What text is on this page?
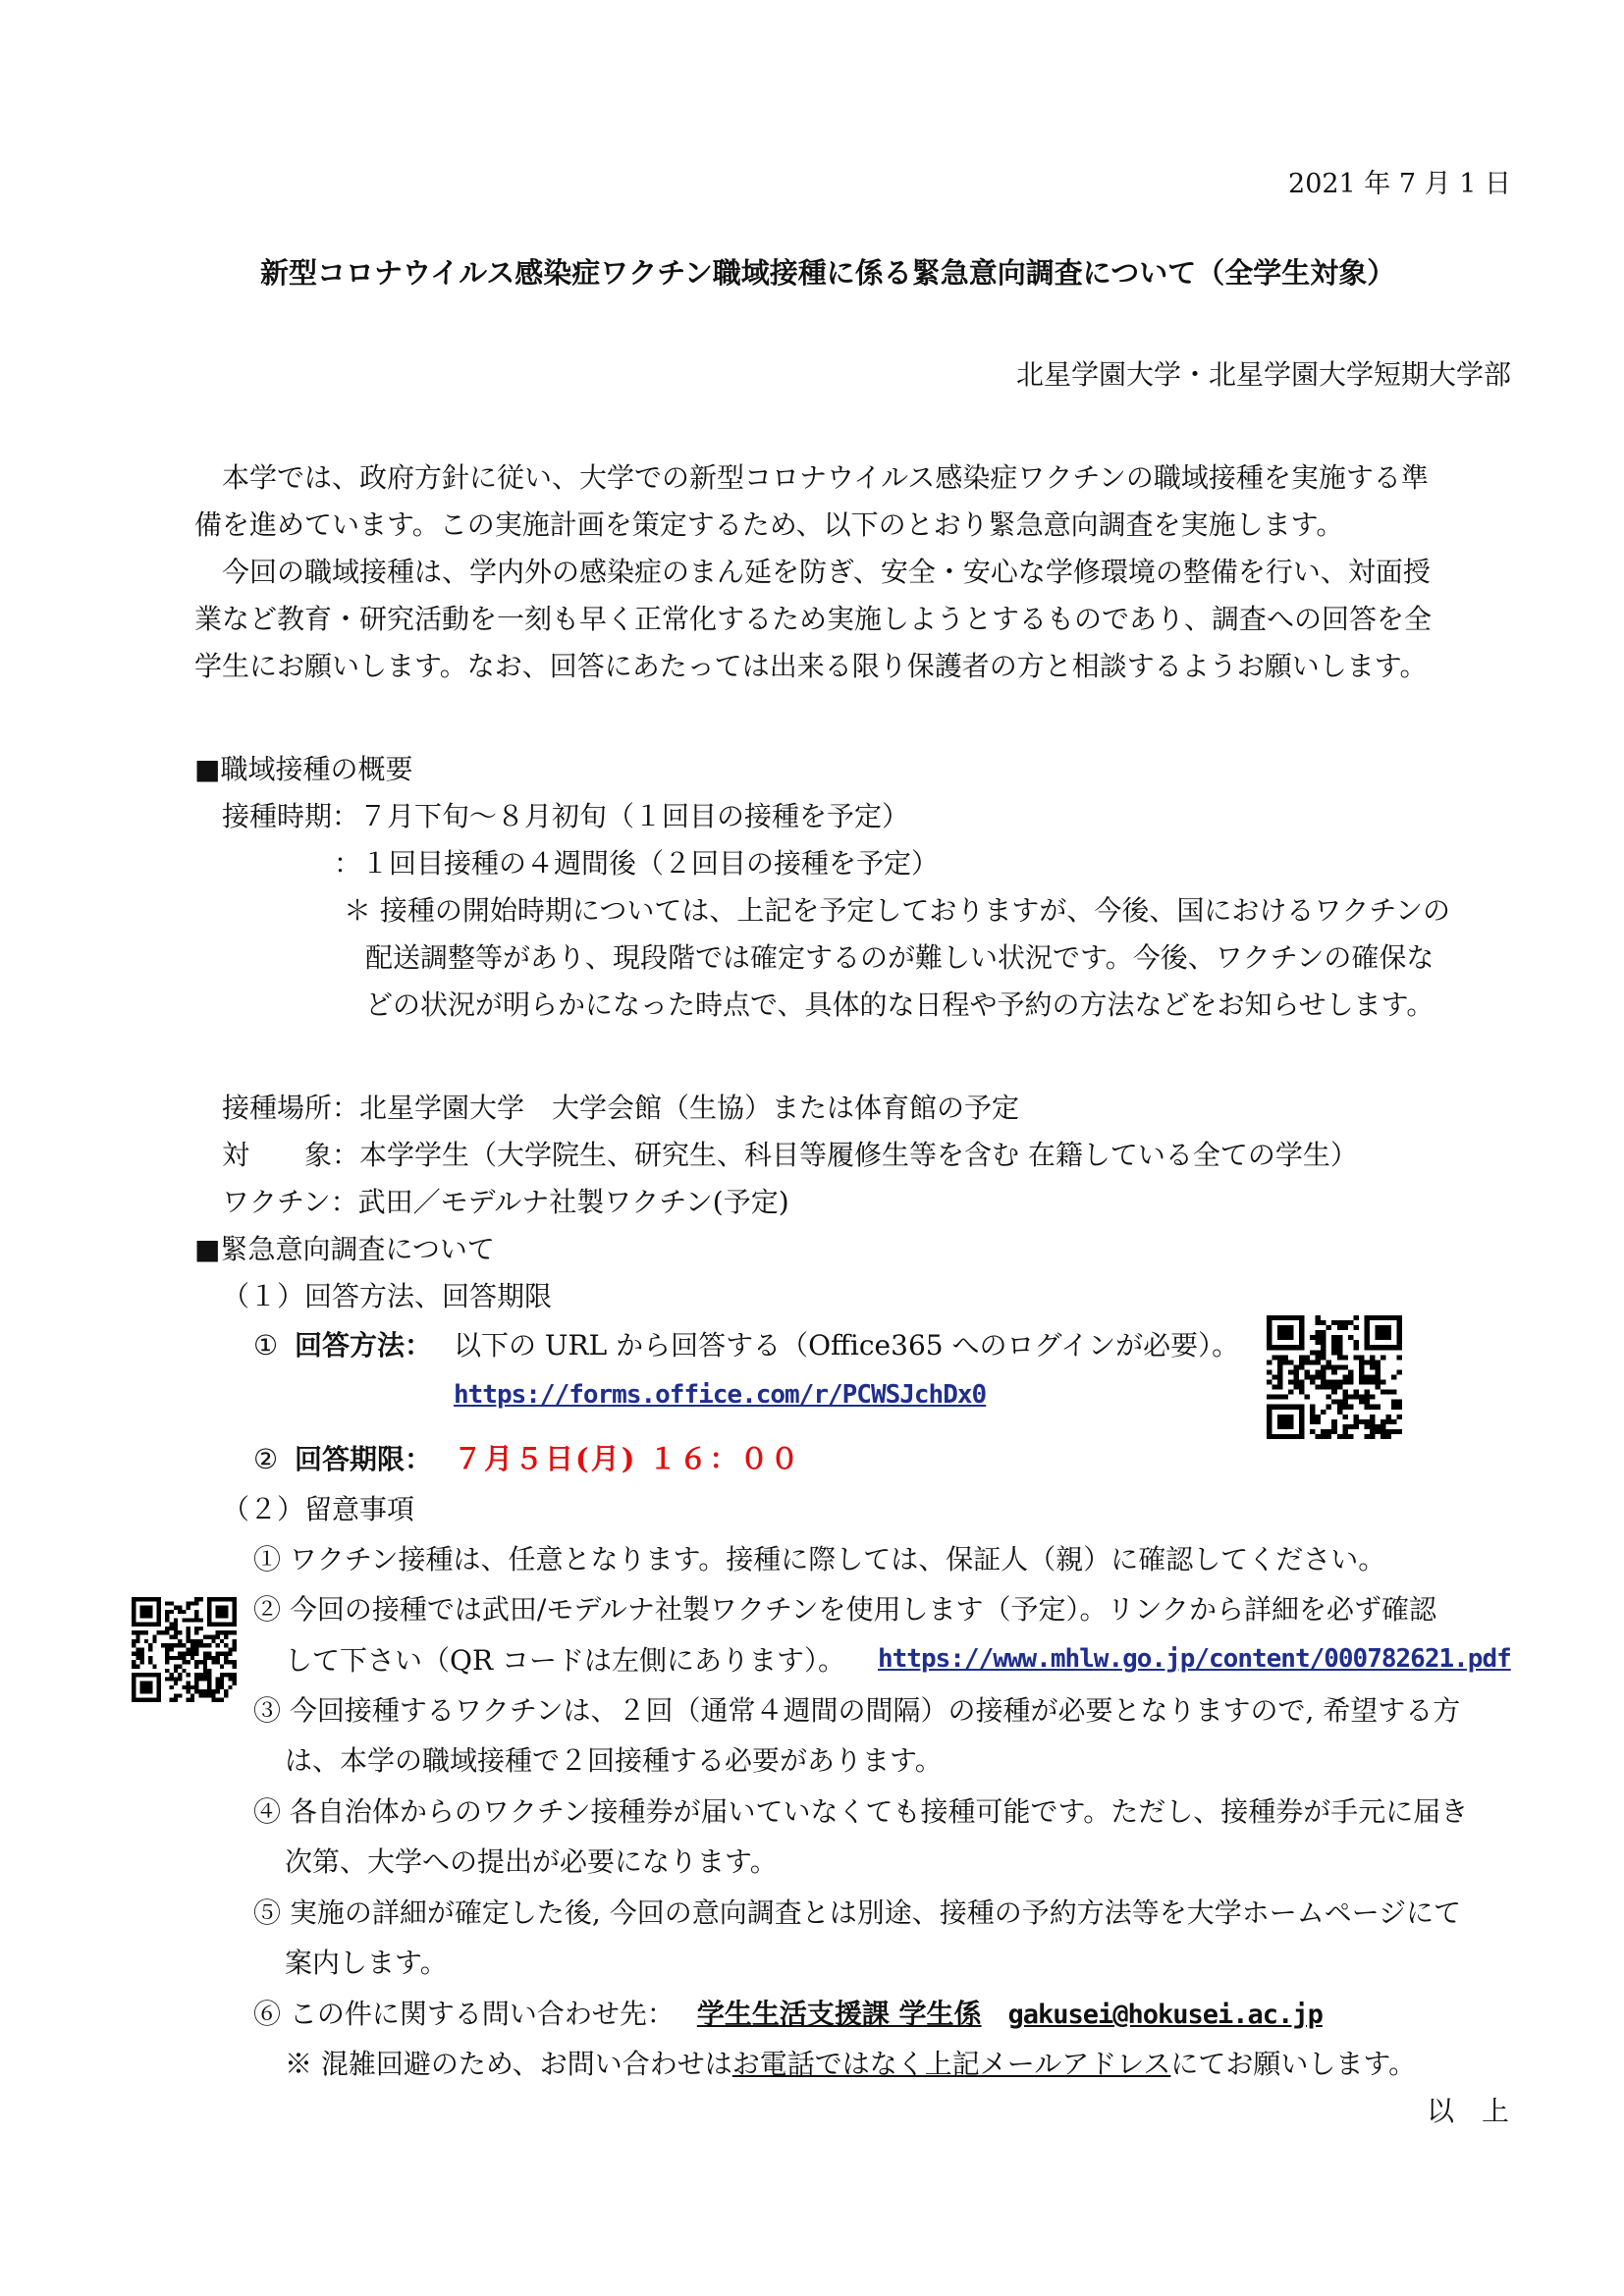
2021 年 7 月 1 日
新型コロナウイルス感染症ワクチン職域接種に係る緊急意向調査について（全学生対象）
北星学園大学・北星学園大学短期大学部
本学では、政府方針に従い、大学での新型コロナウイルス感染症ワクチンの職域接種を実施する準
備を進めています。この実施計画を策定するため、以下のとおり緊急意向調査を実施します。
今回の職域接種は、学内外の感染症のまん延を防ぎ、安全・安心な学修環境の整備を行い、対面授
業など教育・研究活動を一刻も早く正常化するため実施しようとするものであり、調査への回答を全
学生にお願いします。なお、回答にあたっては出来る限り保護者の方と相談するようお願いします。
■職域接種の概要
接種時期：７月下旬～８月初旬（１回目の接種を予定）
：１回目接種の４週間後（２回目の接種を予定）
＊ 接種の開始時期については、上記を予定しておりますが、今後、国におけるワクチンの
配送調整等があり、現段階では確定するのが難しい状況です。今後、ワクチンの確保な
どの状況が明らかになった時点で、具体的な日程や予約の方法などをお知らせします。
接種場所：北星学園大学　大学会館（生協）または体育館の予定
対　　象：本学学生（大学院生、研究生、科目等履修生等を含む 在籍している全ての学生）
ワクチン：武田／モデルナ社製ワクチン(予定)
■緊急意向調査について
（１）回答方法、回答期限
① 回答方法： 以下の URL から回答する（Office365 へのログインが必要）。
https://forms.office.com/r/PCWSJchDx0
② 回答期限： ７月５日(月) １６：００
（２）留意事項
① ワクチン接種は、任意となります。接種に際しては、保証人（親）に確認してください。
② 今回の接種では武田/モデルナ社製ワクチンを使用します（予定）。リンクから詳細を必ず確認
して下さい（QR コードは左側にあります）。 https://www.mhlw.go.jp/content/000782621.pdf
③ 今回接種するワクチンは、２回（通常４週間の間隔）の接種が必要となりますので, 希望する方
は、本学の職域接種で２回接種する必要があります。
④ 各自治体からのワクチン接種券が届いていなくても接種可能です。ただし、接種券が手元に届き
次第、大学への提出が必要になります。
⑤ 実施の詳細が確定した後, 今回の意向調査とは別途、接種の予約方法等を大学ホームページにて
案内します。
⑥ この件に関する問い合わせ先： 学生生活支援課 学生係 gakusei@hokusei.ac.jp
※ 混雑回避のため、お問い合わせはお電話ではなく上記メールアドレスにてお願いします。
以　上
